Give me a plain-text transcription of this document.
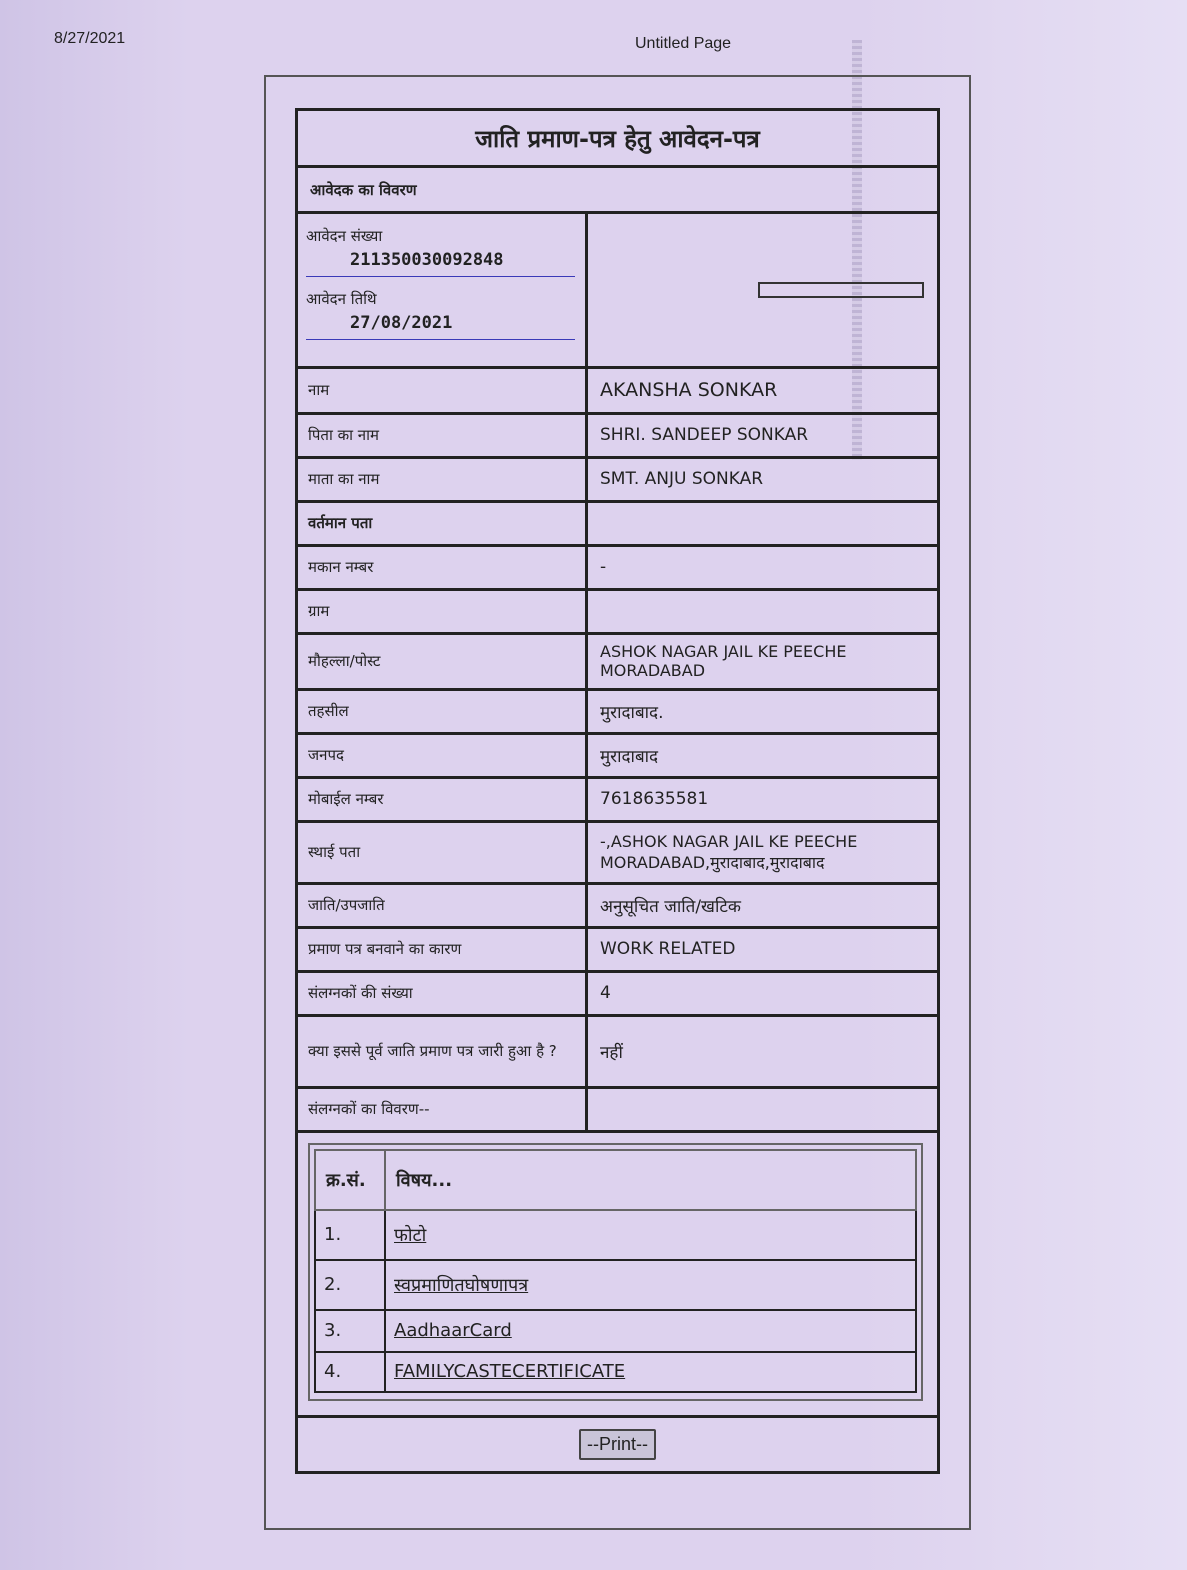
8/27/2021	Untitled Page
जाति प्रमाण-पत्र हेतु आवेदन-पत्र
आवेदक का विवरण
आवेदन संख्या
211350030092848
आवेदन तिथि
27/08/2021
नाम	AKANSHA SONKAR
पिता का नाम	SHRI. SANDEEP SONKAR
माता का नाम	SMT. ANJU SONKAR
वर्तमान पता	
मकान नम्बर	-
ग्राम	
मौहल्ला/पोस्ट	ASHOK NAGAR JAIL KE PEECHE MORADABAD
तहसील	मुरादाबाद.
जनपद	मुरादाबाद
मोबाईल नम्बर	7618635581
स्थाई पता	-,ASHOK NAGAR JAIL KE PEECHE MORADABAD,मुरादाबाद,मुरादाबाद
जाति/उपजाति	अनुसूचित जाति/खटिक
प्रमाण पत्र बनवाने का कारण	WORK RELATED
संलग्नकों की संख्या	4
क्या इससे पूर्व जाति प्रमाण पत्र जारी हुआ है ?	नहीं
संलग्नकों का विवरण--	
क्र.सं.	विषय...
1.	फोटो
2.	स्वप्रमाणितघोषणापत्र
3.	AadhaarCard
4.	FAMILYCASTECERTIFICATE
--Print--
